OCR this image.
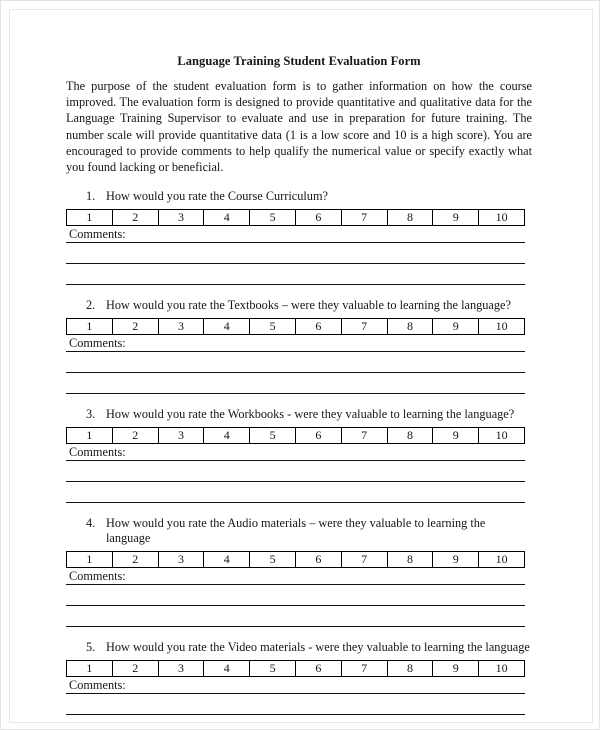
Language Training Student Evaluation Form

The purpose of the student evaluation form is to gather information on how the course improved. The evaluation form is designed to provide quantitative and qualitative data for the Language Training Supervisor to evaluate and use in preparation for future training. The number scale will provide quantitative data (1 is a low score and 10 is a high score). You are encouraged to provide comments to help qualify the numerical value or specify exactly what you found lacking or beneficial.

1. How would you rate the Course Curriculum?
1	2	3	4	5	6	7	8	9	10
Comments:
2. How would you rate the Textbooks – were they valuable to learning the language?
1	2	3	4	5	6	7	8	9	10
Comments:
3. How would you rate the Workbooks - were they valuable to learning the language?
1	2	3	4	5	6	7	8	9	10
Comments:
4. How would you rate the Audio materials – were they valuable to learning the language
1	2	3	4	5	6	7	8	9	10
Comments:
5. How would you rate the Video materials - were they valuable to learning the language
1	2	3	4	5	6	7	8	9	10
Comments:
